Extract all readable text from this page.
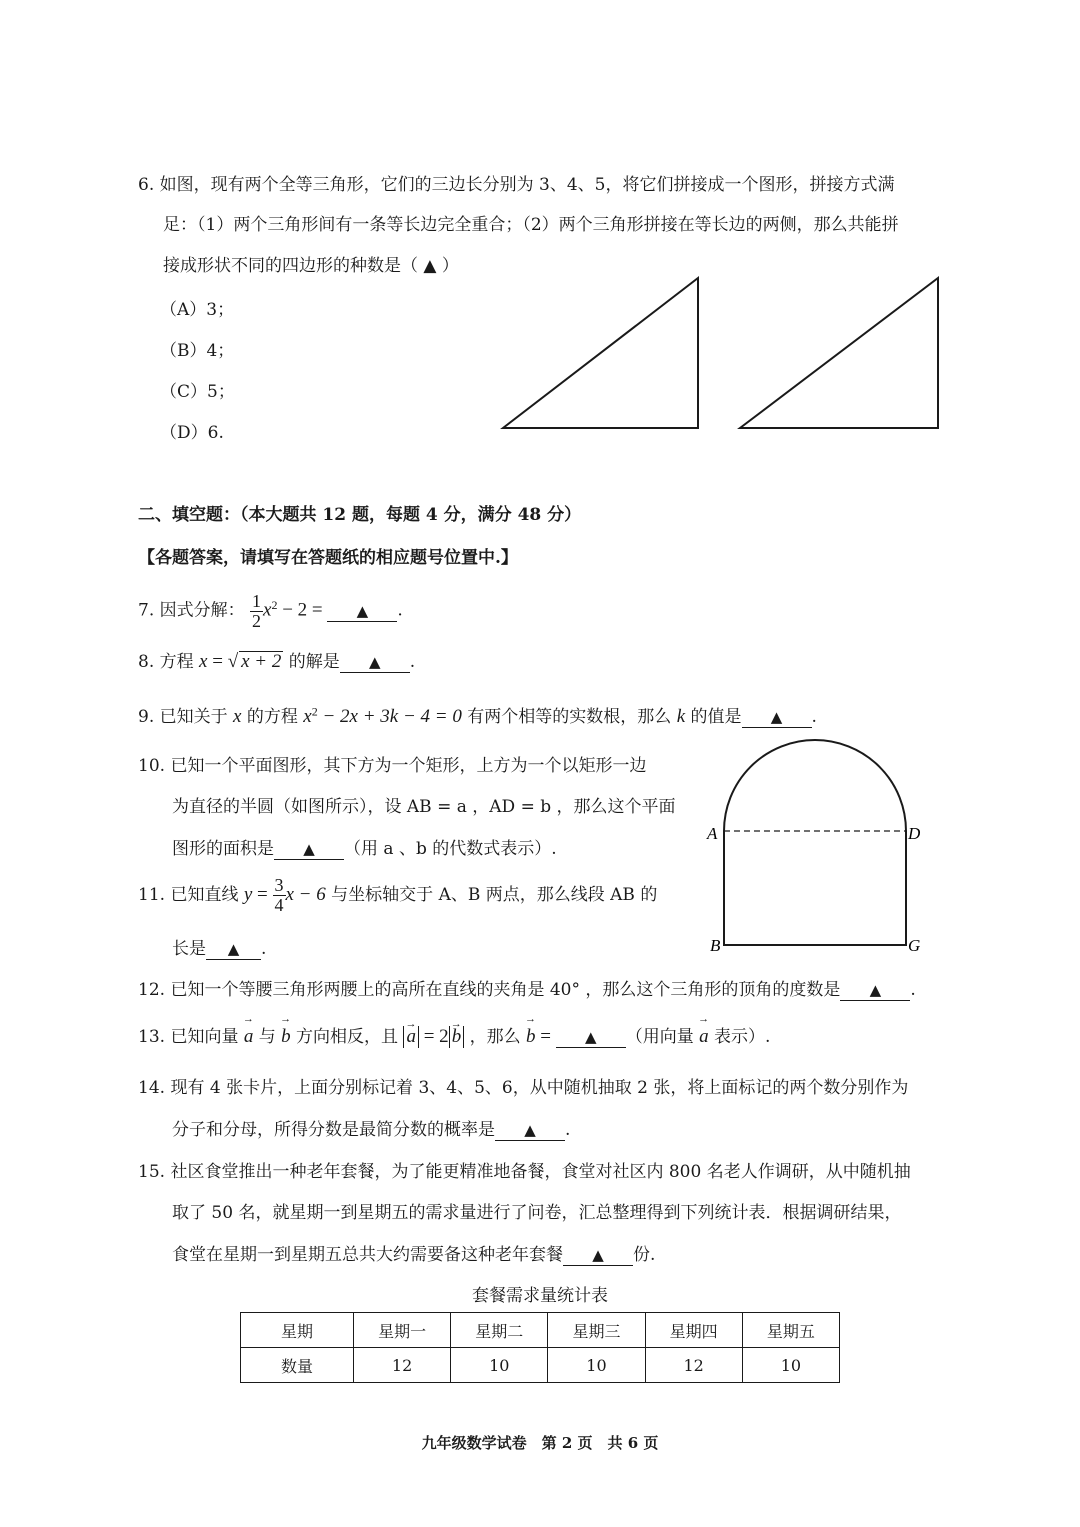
6. 如图，现有两个全等三角形，它们的三边长分别为 3、4、5，将它们拼接成一个图形，拼接方式满
足：（1）两个三角形间有一条等长边完全重合；（2）两个三角形拼接在等长边的两侧，那么共能拼
接成形状不同的四边形的种数是（ ▲ ）
（A）3；
（B）4；
（C）5；
（D）6.
二、填空题：（本大题共 12 题，每题 4 分，满分 48 分）
【各题答案，请填写在答题纸的相应题号位置中.】
7. 因式分解： $\frac{1}{2} x^2 - 2$ = ▲ .
8. 方程 x = √ x + 2 的解是 ▲ .
9. 已知关于 x 的方程 $x^2 - 2x + 3k - 4 = 0$ 有两个相等的实数根，那么 k 的值是 ▲ .
10. 已知一个平面图形，其下方为一个矩形，上方为一个以矩形一边
为直径的半圆（如图所示），设 AB = a ，AD = b ，那么这个平面
图形的面积是 ▲ （用 a 、b 的代数式表示）.
A	D
B	G
11. 已知直线 $y = \frac{3}{4}$ x − 6 与坐标轴交于 A、B 两点，那么线段 AB 的
长是 ▲ .
12. 已知一个等腰三角形两腰上的高所在直线的夹角是 40° ，那么这个三角形的顶角的度数是 ▲ .
13. 已知向量 → a 与 → b 方向相反，且 → a = 2 → b ，那么 → b = ▲ （用向量 → a 表示）.
14. 现有 4 张卡片，上面分别标记着 3、4、5、6，从中随机抽取 2 张，将上面标记的两个数分别作为
分子和分母，所得分数是最简分数的概率是 ▲ .
15. 社区食堂推出一种老年套餐，为了能更精准地备餐，食堂对社区内 800 名老人作调研，从中随机抽
取了 50 名，就星期一到星期五的需求量进行了问卷，汇总整理得到下列统计表．根据调研结果，
食堂在星期一到星期五总共大约需要备这种老年套餐 ▲ 份.
套餐需求量统计表
星期	星期一	星期二	星期三	星期四	星期五
数量	12	10	10	12	10
九年级数学试卷　第 2 页　共 6 页
